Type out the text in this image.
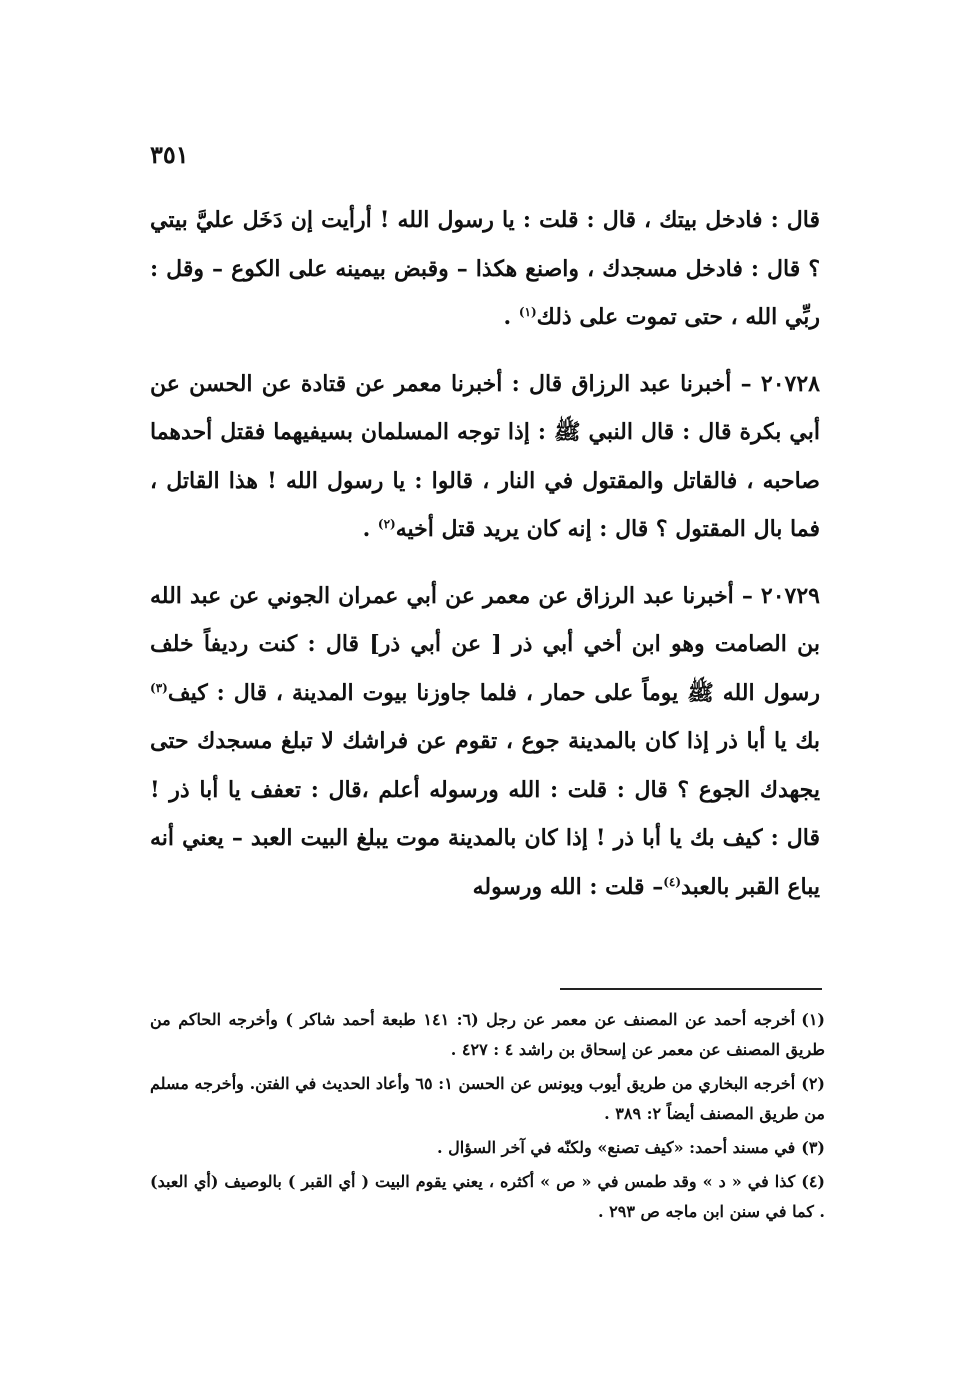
٣٥١

قال : فادخل بيتك ، قال : قلت : يا رسول الله ! أرأيت إن دَخَل عليَّ بيتي ؟ قال : فادخل مسجدك ، واصنع هكذا – وقبض بيمينه على الكوع – وقل : ربِّي الله ، حتى تموت على ذلك$^{(١)}$ .

٢٠٧٢٨ – أخبرنا عبد الرزاق قال : أخبرنا معمر عن قتادة عن الحسن عن أبي بكرة قال : قال النبي ﷺ : إذا توجه المسلمان بسيفيهما فقتل أحدهما صاحبه ، فالقاتل والمقتول في النار ، قالوا : يا رسول الله ! هذا القاتل ، فما بال المقتول ؟ قال : إنه كان يريد قتل أخيه$^{(٢)}$ .

٢٠٧٢٩ – أخبرنا عبد الرزاق عن معمر عن أبي عمران الجوني عن عبد الله بن الصامت وهو ابن أخي أبي ذر [ عن أبي ذر] قال : كنت رديفاً خلف رسول الله ﷺ يوماً على حمار ، فلما جاوزنا بيوت المدينة ، قال : كيف$^{(٣)}$ بك يا أبا ذر إذا كان بالمدينة جوع ، تقوم عن فراشك لا تبلغ مسجدك حتى يجهدك الجوع ؟ قال : قلت : الله ورسوله أعلم ،قال : تعفف يا أبا ذر ! قال : كيف بك يا أبا ذر ! إذا كان بالمدينة موت يبلغ البيت العبد – يعني أنه يباع القبر بالعبد$^{(٤)}$– قلت : الله ورسوله

(١)أخرجه أحمد عن المصنف عن معمر عن رجل (٦: ١٤١ طبعة أحمد شاكر ) وأخرجه الحاكم من طريق المصنف عن معمر عن إسحاق بن راشد ٤ : ٤٢٧ .

(٢)أخرجه البخاري من طريق أيوب ويونس عن الحسن ١: ٦٥ وأعاد الحديث في الفتن. وأخرجه مسلم من طريق المصنف أيضاً ٢: ٣٨٩ .

(٣)في مسند أحمد: «كيف تصنع» ولكنّه في آخر السؤال .

(٤)كذا في « د » وقد طمس في « ص » أكثره ، يعني يقوم البيت ( أي القبر ) بالوصيف (أي العبد) . كما في سنن ابن ماجه ص ٢٩٣ .
